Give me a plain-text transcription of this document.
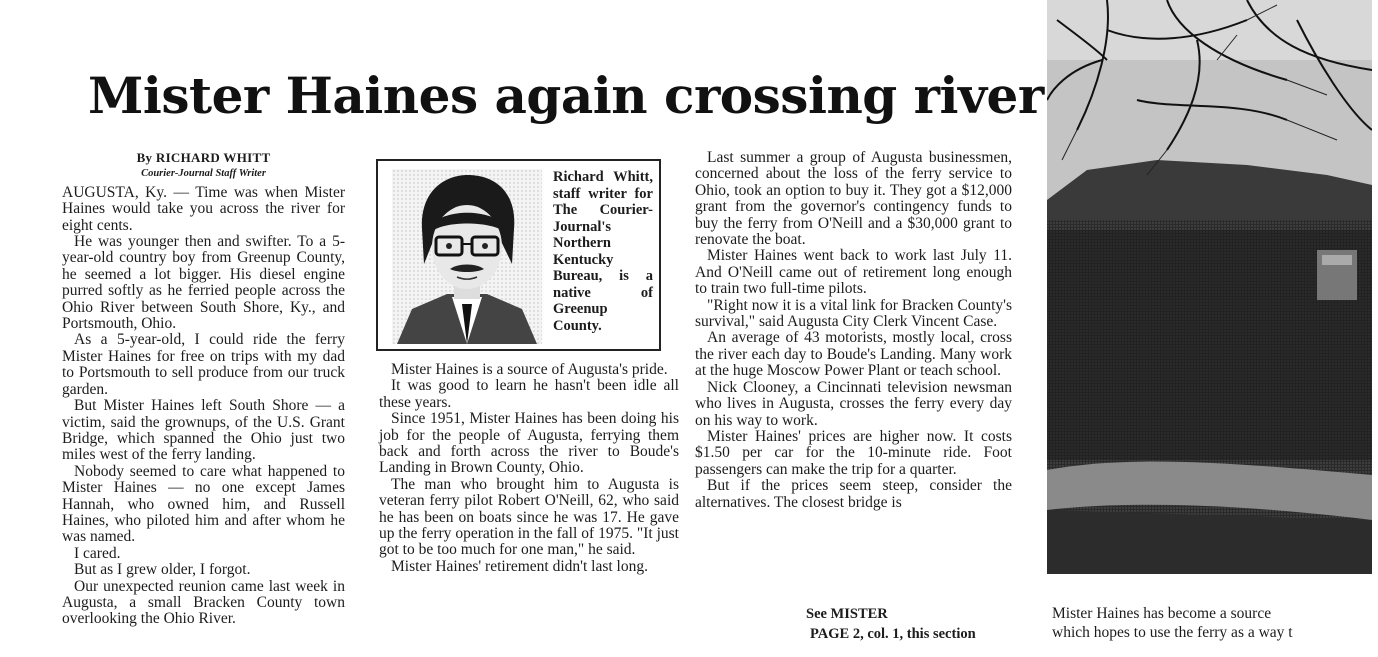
Mister Haines again crossing river
By RICHARD WHITT
Courier-Journal Staff Writer

AUGUSTA, Ky. — Time was when Mister Haines would take you across the river for eight cents.

He was younger then and swifter. To a 5-year-old country boy from Greenup County, he seemed a lot bigger. His diesel engine purred softly as he ferried people across the Ohio River between South Shore, Ky., and Portsmouth, Ohio.

As a 5-year-old, I could ride the ferry Mister Haines for free on trips with my dad to Portsmouth to sell produce from our truck garden.

But Mister Haines left South Shore — a victim, said the grownups, of the U.S. Grant Bridge, which spanned the Ohio just two miles west of the ferry landing.

Nobody seemed to care what happened to Mister Haines — no one except James Hannah, who owned him, and Russell Haines, who piloted him and after whom he was named.

I cared.

But as I grew older, I forgot.

Our unexpected reunion came last week in Augusta, a small Bracken County town overlooking the Ohio River.

Richard Whitt, staff writer for The Courier-Journal's Northern Kentucky Bureau, is a native of Greenup County.

Mister Haines is a source of Augusta's pride.

It was good to learn he hasn't been idle all these years.

Since 1951, Mister Haines has been doing his job for the people of Augusta, ferrying them back and forth across the river to Boude's Landing in Brown County, Ohio.

The man who brought him to Augusta is veteran ferry pilot Robert O'Neill, 62, who said he has been on boats since he was 17. He gave up the ferry operation in the fall of 1975. "It just got to be too much for one man," he said.

Mister Haines' retirement didn't last long.

Last summer a group of Augusta businessmen, concerned about the loss of the ferry service to Ohio, took an option to buy it. They got a $12,000 grant from the governor's contingency funds to buy the ferry from O'Neill and a $30,000 grant to renovate the boat.

Mister Haines went back to work last July 11. And O'Neill came out of retirement long enough to train two full-time pilots.

"Right now it is a vital link for Bracken County's survival," said Augusta City Clerk Vincent Case.

An average of 43 motorists, mostly local, cross the river each day to Boude's Landing. Many work at the huge Moscow Power Plant or teach school.

Nick Clooney, a Cincinnati television newsman who lives in Augusta, crosses the ferry every day on his way to work.

Mister Haines' prices are higher now. It costs $1.50 per car for the 10-minute ride. Foot passengers can make the trip for a quarter.

But if the prices seem steep, consider the alternatives. The closest bridge is

See MISTER
PAGE 2, col. 1, this section
Mister Haines has become a source
which hopes to use the ferry as a way t
